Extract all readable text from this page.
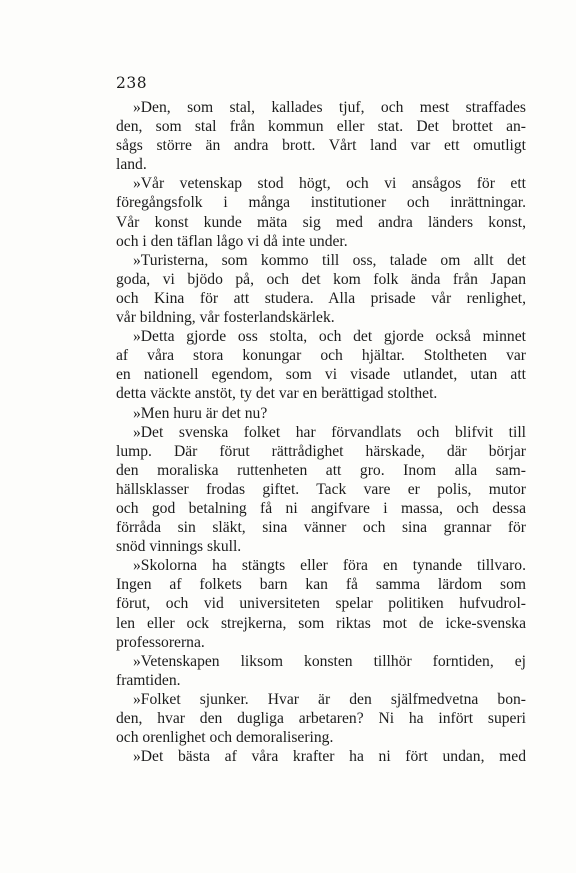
238
»Den, som stal, kallades tjuf, och mest straffades
den, som stal från kommun eller stat. Det brottet an-
sågs större än andra brott. Vårt land var ett omutligt
land.
»Vår vetenskap stod högt, och vi ansågos för ett
föregångsfolk i många institutioner och inrättningar.
Vår konst kunde mäta sig med andra länders konst,
och i den täflan lågo vi då inte under.
»Turisterna, som kommo till oss, talade om allt det
goda, vi bjödo på, och det kom folk ända från Japan
och Kina för att studera. Alla prisade vår renlighet,
vår bildning, vår fosterlandskärlek.
»Detta gjorde oss stolta, och det gjorde också minnet
af våra stora konungar och hjältar. Stoltheten var
en nationell egendom, som vi visade utlandet, utan att
detta väckte anstöt, ty det var en berättigad stolthet.
»Men huru är det nu?
»Det svenska folket har förvandlats och blifvit till
lump. Där förut rättrådighet härskade, där börjar
den moraliska ruttenheten att gro. Inom alla sam-
hällsklasser frodas giftet. Tack vare er polis, mutor
och god betalning få ni angifvare i massa, och dessa
förråda sin släkt, sina vänner och sina grannar för
snöd vinnings skull.
»Skolorna ha stängts eller föra en tynande tillvaro.
Ingen af folkets barn kan få samma lärdom som
förut, och vid universiteten spelar politiken hufvudrol-
len eller ock strejkerna, som riktas mot de icke-svenska
professorerna.
»Vetenskapen liksom konsten tillhör forntiden, ej
framtiden.
»Folket sjunker. Hvar är den själfmedvetna bon-
den, hvar den dugliga arbetaren? Ni ha infört superi
och orenlighet och demoralisering.
»Det bästa af våra krafter ha ni fört undan, med
